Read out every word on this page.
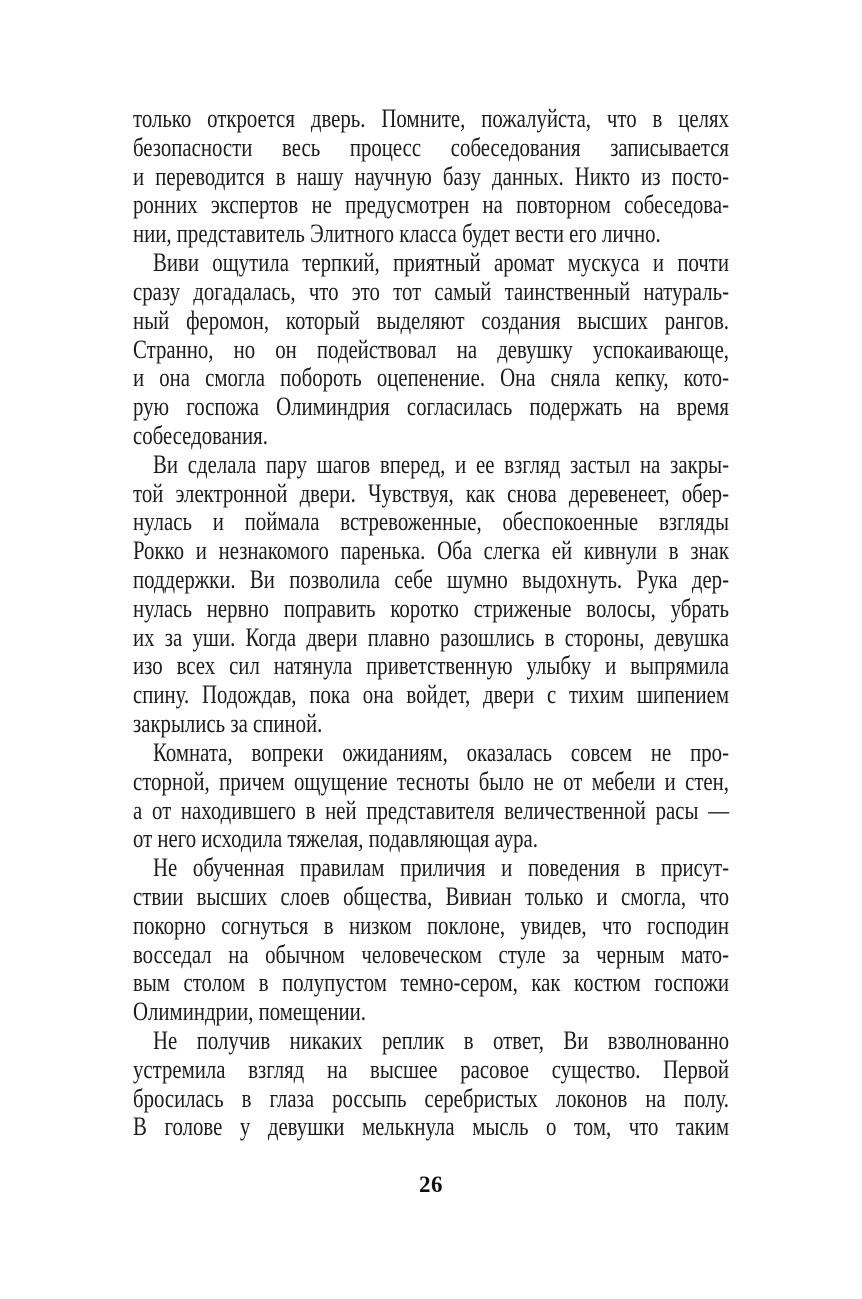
только откроется дверь. Помните, пожалуйста, что в целях
безопасности весь процесс собеседования записывается
и переводится в нашу научную базу данных. Никто из посто-
ронних экспертов не предусмотрен на повторном собеседова-
нии, представитель Элитного класса будет вести его лично.
Виви ощутила терпкий, приятный аромат мускуса и почти
сразу догадалась, что это тот самый таинственный натураль-
ный феромон, который выделяют создания высших рангов.
Странно, но он подействовал на девушку успокаивающе,
и она смогла побороть оцепенение. Она сняла кепку, кото-
рую госпожа Олиминдрия согласилась подержать на время
собеседования.
Ви сделала пару шагов вперед, и ее взгляд застыл на закры-
той электронной двери. Чувствуя, как снова деревенеет, обер-
нулась и поймала встревоженные, обеспокоенные взгляды
Рокко и незнакомого паренька. Оба слегка ей кивнули в знак
поддержки. Ви позволила себе шумно выдохнуть. Рука дер-
нулась нервно поправить коротко стриженые волосы, убрать
их за уши. Когда двери плавно разошлись в стороны, девушка
изо всех сил натянула приветственную улыбку и выпрямила
спину. Подождав, пока она войдет, двери с тихим шипением
закрылись за спиной.
Комната, вопреки ожиданиям, оказалась совсем не про-
сторной, причем ощущение тесноты было не от мебели и стен,
а от находившего в ней представителя величественной расы —
от него исходила тяжелая, подавляющая аура.
Не обученная правилам приличия и поведения в присут-
ствии высших слоев общества, Вивиан только и смогла, что
покорно согнуться в низком поклоне, увидев, что господин
восседал на обычном человеческом стуле за черным мато-
вым столом в полупустом темно-сером, как костюм госпожи
Олиминдрии, помещении.
Не получив никаких реплик в ответ, Ви взволнованно
устремила взгляд на высшее расовое существо. Первой
бросилась в глаза россыпь серебристых локонов на полу.
В голове у девушки мелькнула мысль о том, что таким
26
